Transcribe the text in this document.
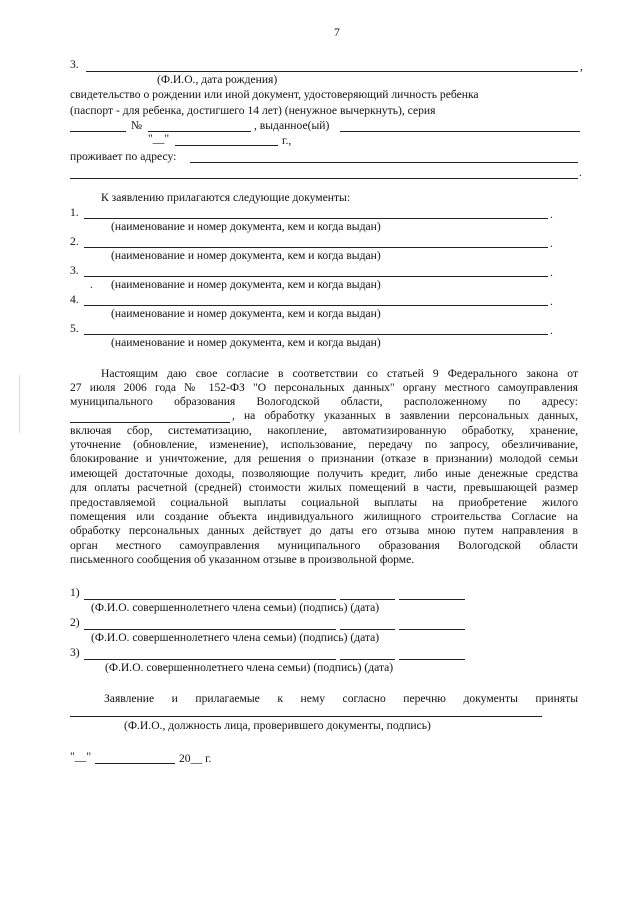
7
3.	,
(Ф.И.О., дата рождения)
свидетельство о рождении или иной документ, удостоверяющий личность ребенка
(паспорт - для ребенка, достигшего 14 лет) (ненужное вычеркнуть), серия
№	, выданное(ый)
"__"	г.,
проживает по адресу:
.
К заявлению прилагаются следующие документы:
1.	.
(наименование и номер документа, кем и когда выдан)
2.	.
(наименование и номер документа, кем и когда выдан)
3.	.
. (наименование и номер документа, кем и когда выдан)
4.	.
(наименование и номер документа, кем и когда выдан)
5.	.
(наименование и номер документа, кем и когда выдан)
Настоящим даю свое согласие в соответствии со статьей 9 Федерального закона от
27 июля 2006 года № 152-ФЗ "О персональных данных" органу местного самоуправления
муниципального образования Вологодской области, расположенному по адресу:
, на обработку указанных в заявлении персональных данных,
включая сбор, систематизацию, накопление, автоматизированную обработку, хранение,
уточнение (обновление, изменение), использование, передачу по запросу, обезличивание,
блокирование и уничтожение, для решения о признании (отказе в признании) молодой семьи
имеющей достаточные доходы, позволяющие получить кредит, либо иные денежные средства
для оплаты расчетной (средней) стоимости жилых помещений в части, превышающей размер
предоставляемой социальной выплаты социальной выплаты на приобретение жилого
помещения или создание объекта индивидуального жилищного строительства Согласие на
обработку персональных данных действует до даты его отзыва мною путем направления в
орган местного самоуправления муниципального образования Вологодской области
письменного сообщения об указанном отзыве в произвольной форме.
1)
(Ф.И.О. совершеннолетнего члена семьи) (подпись) (дата)
2)
(Ф.И.О. совершеннолетнего члена семьи) (подпись) (дата)
3)
(Ф.И.О. совершеннолетнего члена семьи) (подпись) (дата)
Заявление и прилагаемые к нему согласно перечню документы приняты
(Ф.И.О., должность лица, проверившего документы, подпись)
"__"	20__ г.
